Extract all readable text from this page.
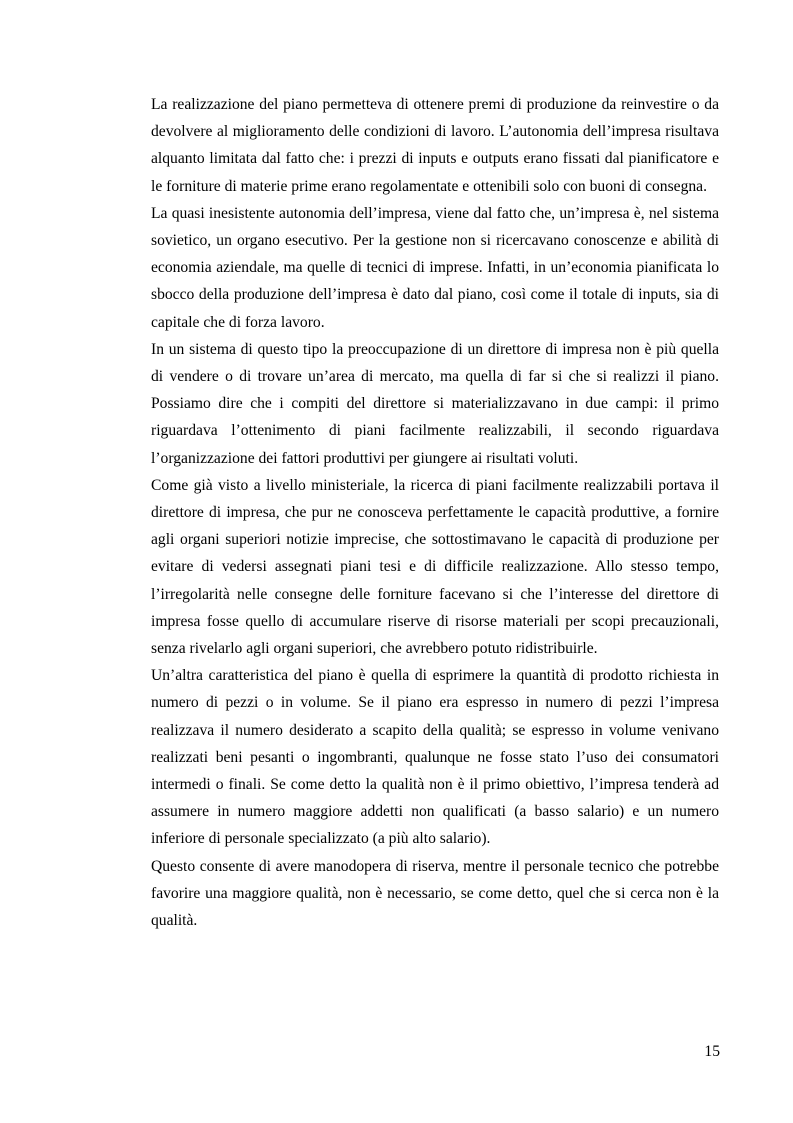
La realizzazione del piano permetteva di ottenere premi di produzione da reinvestire o da devolvere al miglioramento delle condizioni di lavoro. L’autonomia dell’impresa risultava alquanto limitata dal fatto che: i prezzi di inputs e outputs erano fissati dal pianificatore e le forniture di materie prime erano regolamentate e ottenibili solo con buoni di consegna.

La quasi inesistente autonomia dell’impresa, viene dal fatto che, un’impresa è, nel sistema sovietico, un organo esecutivo. Per la gestione non si ricercavano conoscenze e abilità di economia aziendale, ma quelle di tecnici di imprese. Infatti, in un’economia pianificata lo sbocco della produzione dell’impresa è dato dal piano, così come il totale di inputs, sia di capitale che di forza lavoro.

In un sistema di questo tipo la preoccupazione di un direttore di impresa non è più quella di vendere o di trovare un’area di mercato, ma quella di far si che si realizzi il piano. Possiamo dire che i compiti del direttore si materializzavano in due campi: il primo riguardava l’ottenimento di piani facilmente realizzabili, il secondo riguardava l’organizzazione dei fattori produttivi per giungere ai risultati voluti.

Come già visto a livello ministeriale, la ricerca di piani facilmente realizzabili portava il direttore di impresa, che pur ne conosceva perfettamente le capacità produttive, a fornire agli organi superiori notizie imprecise, che sottostimavano le capacità di produzione per evitare di vedersi assegnati piani tesi e di difficile realizzazione. Allo stesso tempo, l’irregolarità nelle consegne delle forniture facevano si che l’interesse del direttore di impresa fosse quello di accumulare riserve di risorse materiali per scopi precauzionali, senza rivelarlo agli organi superiori, che avrebbero potuto ridistribuirle.

Un’altra caratteristica del piano è quella di esprimere la quantità di prodotto richiesta in numero di pezzi o in volume. Se il piano era espresso in numero di pezzi l’impresa realizzava il numero desiderato a scapito della qualità; se espresso in volume venivano realizzati beni pesanti o ingombranti, qualunque ne fosse stato l’uso dei consumatori intermedi o finali. Se come detto la qualità non è il primo obiettivo, l’impresa tenderà ad assumere in numero maggiore addetti non qualificati (a basso salario) e un numero inferiore di personale specializzato (a più alto salario).

Questo consente di avere manodopera di riserva, mentre il personale tecnico che potrebbe favorire una maggiore qualità, non è necessario, se come detto, quel che si cerca non è la qualità.

15
